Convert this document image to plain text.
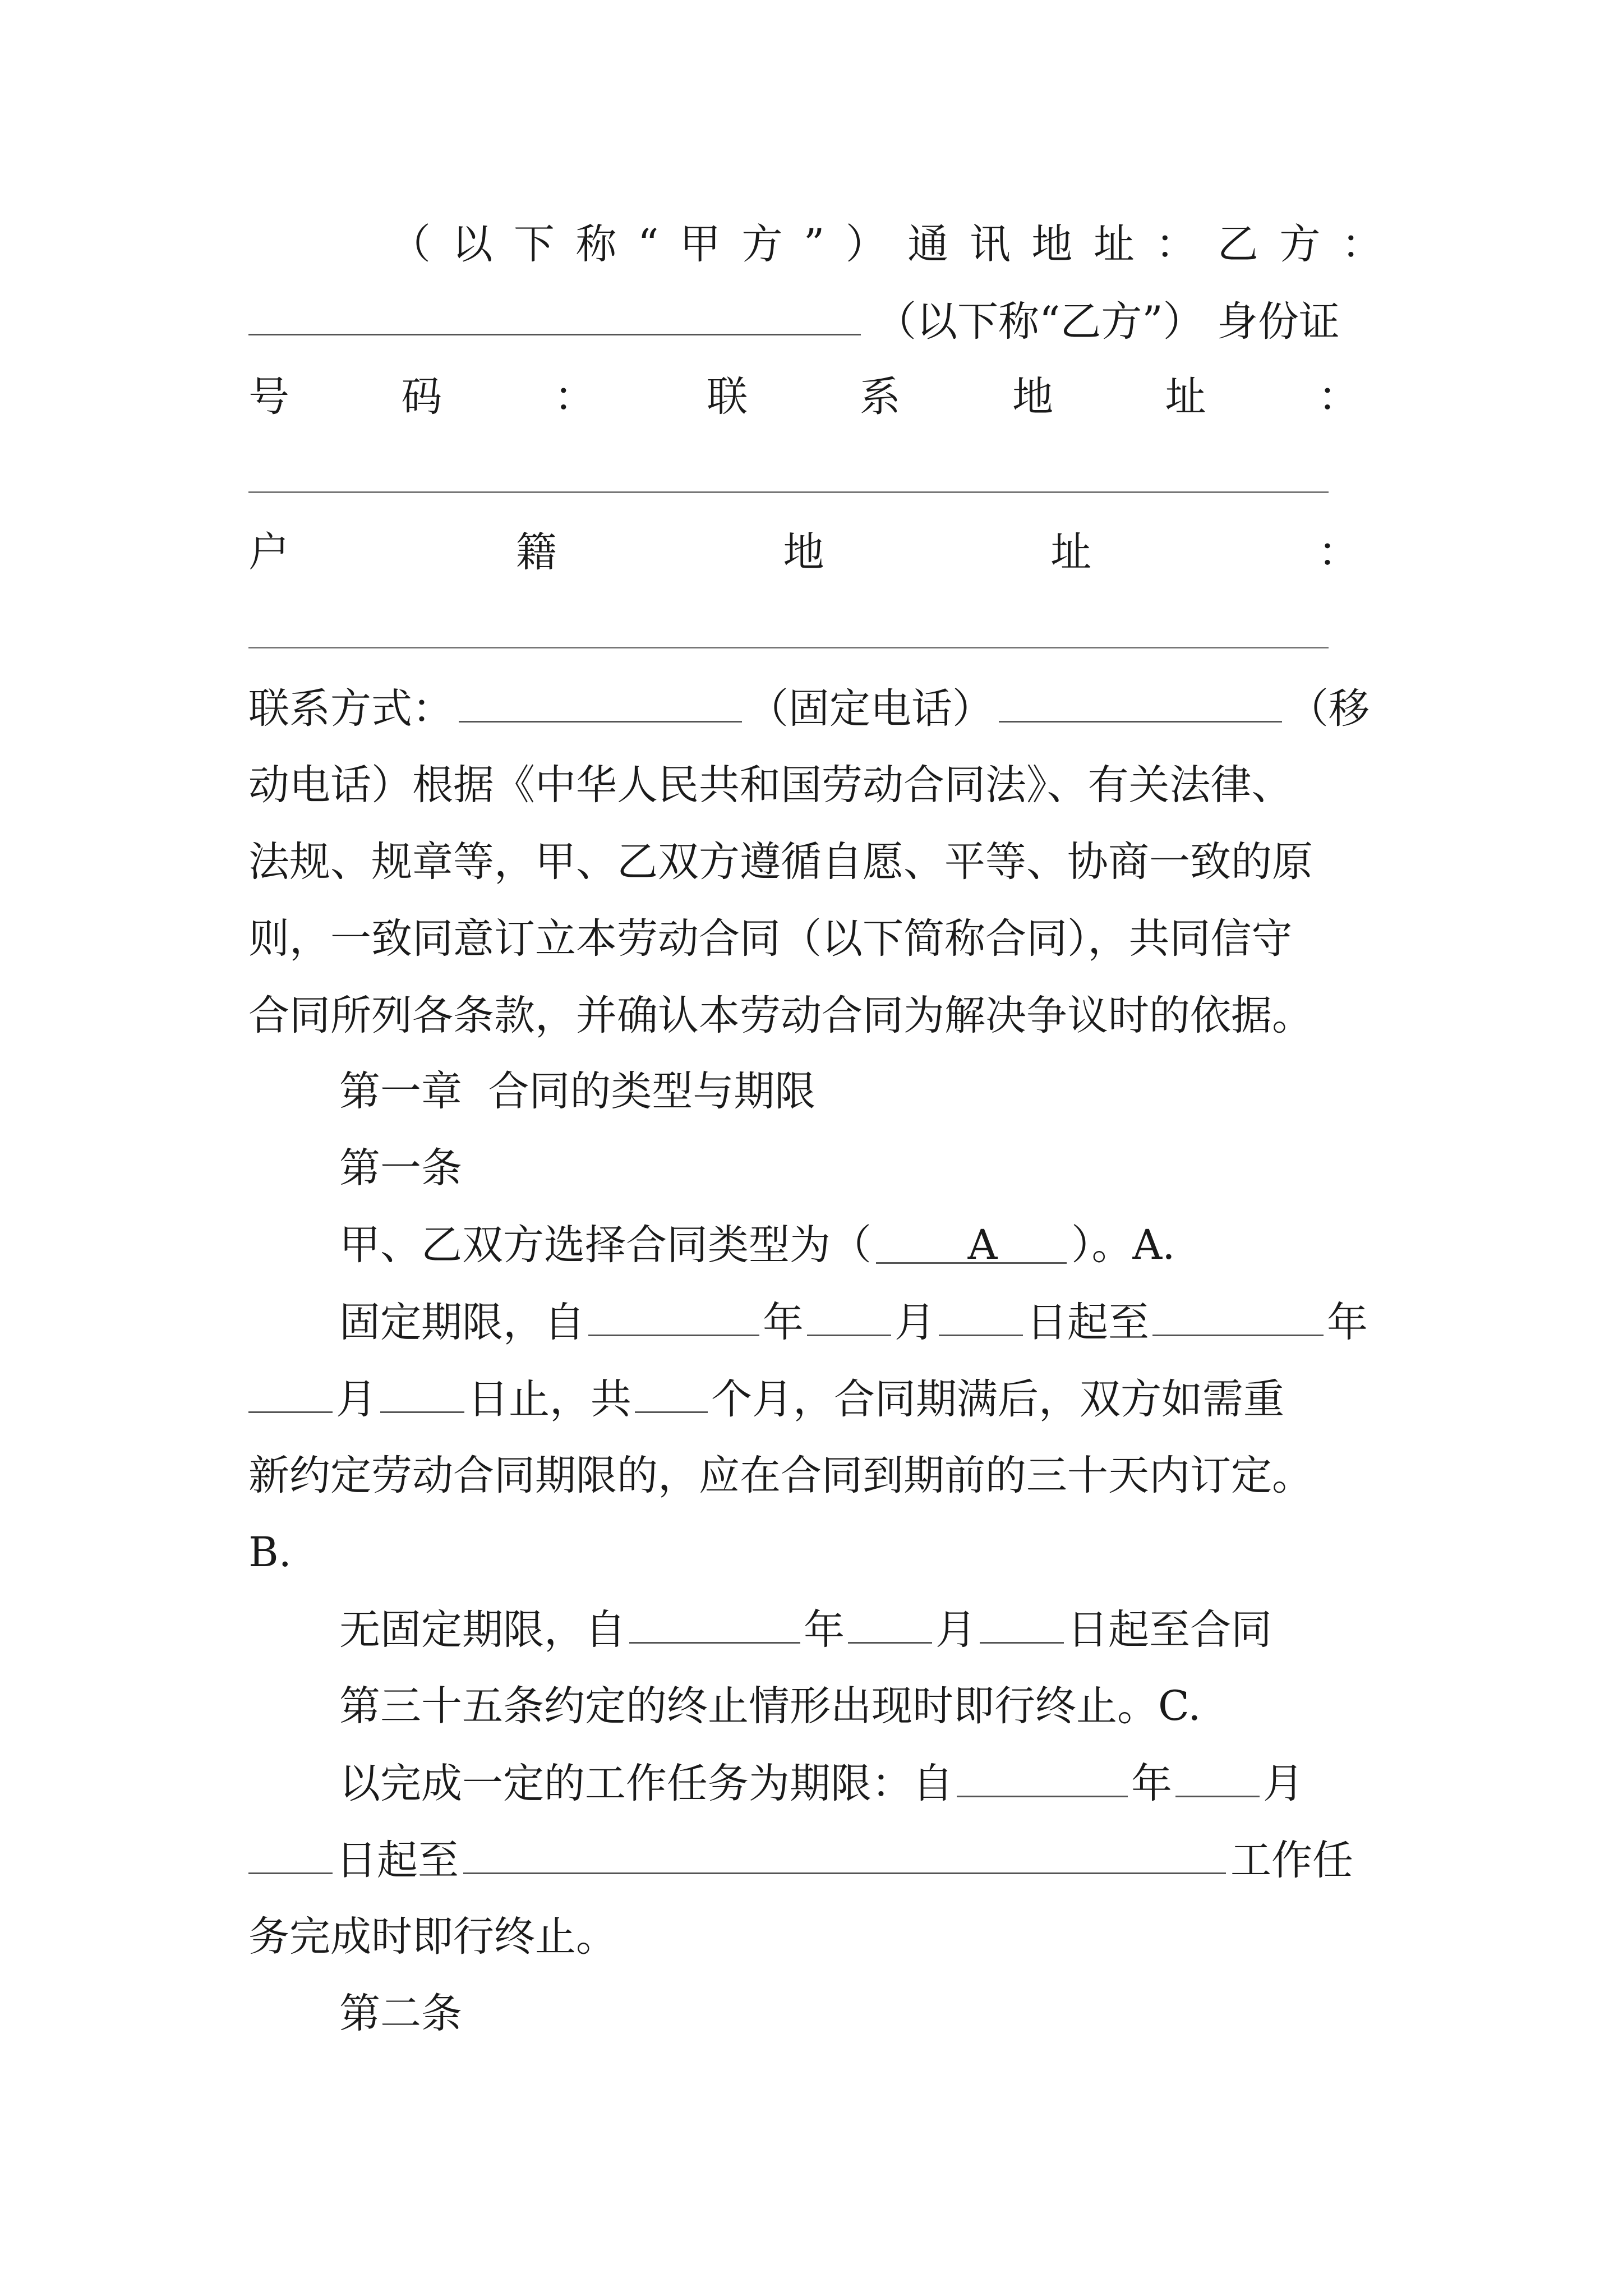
（ 以 下 称 “ 甲 方 ” ） 通 讯 地 址 ： 乙 方 ：
（以下称“乙方”） 身份证
号	码	：	联	系	地	址	：
户	籍	地	址	：
联系方式：	（固定电话）	（移
动电话）根据《中华人民共和国劳动合同法》、有关法律、
法规、规章等，甲、乙双方遵循自愿、平等、协商一致的原
则，一致同意订立本劳动合同（以下简称合同），共同信守
合同所列各条款，并确认本劳动合同为解决争议时的依据。
第一章  合同的类型与期限
第一条
甲、乙双方选择合同类型为（	A	）。A.
固定期限，自	年 月 日起至	年
月 日止，共 个月，合同期满后，双方如需重
新约定劳动合同期限的，应在合同到期前的三十天内订定。
B.
无固定期限，自	年 月 日起至合同
第三十五条约定的终止情形出现时即行终止。C.
以完成一定的工作任务为期限：自	年 月
日起至	工作任
务完成时即行终止。
第二条
